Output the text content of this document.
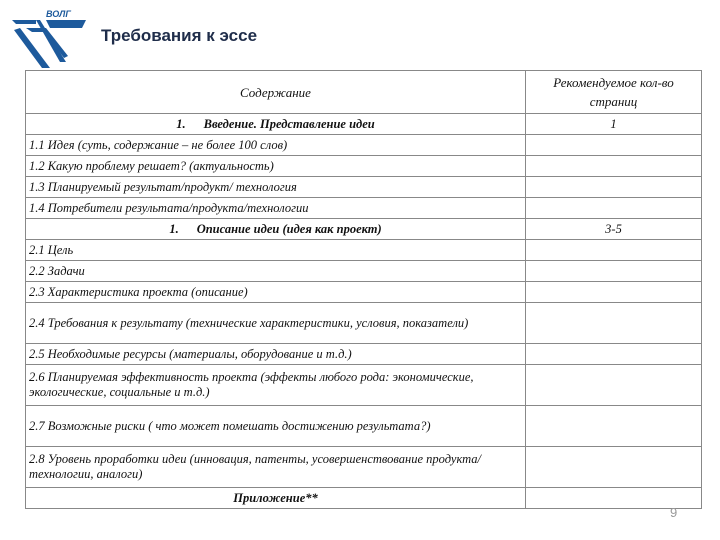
ВОЛГ
Требования к эссе
Содержание	Рекомендуемое кол-во страниц
1. Введение. Представление идеи	1
1.1 Идея (суть, содержание – не более 100 слов)	
1.2 Какую проблему решает? (актуальность)	
1.3 Планируемый результат/продукт/ технология	
1.4 Потребители результата/продукта/технологии	
1. Описание идеи (идея как проект)	3-5
2.1 Цель	
2.2 Задачи	
2.3 Характеристика проекта (описание)	
2.4 Требования к результату (технические характеристики, условия, показатели)	
2.5 Необходимые ресурсы (материалы, оборудование и т.д.)	
2.6 Планируемая эффективность проекта (эффекты любого рода: экономические, экологические, социальные и т.д.)	
2.7 Возможные риски ( что может помешать достижению результата?)	
2.8 Уровень проработки идеи (инновация, патенты, усовершенствование продукта/технологии, аналоги)	
Приложение**	
9
